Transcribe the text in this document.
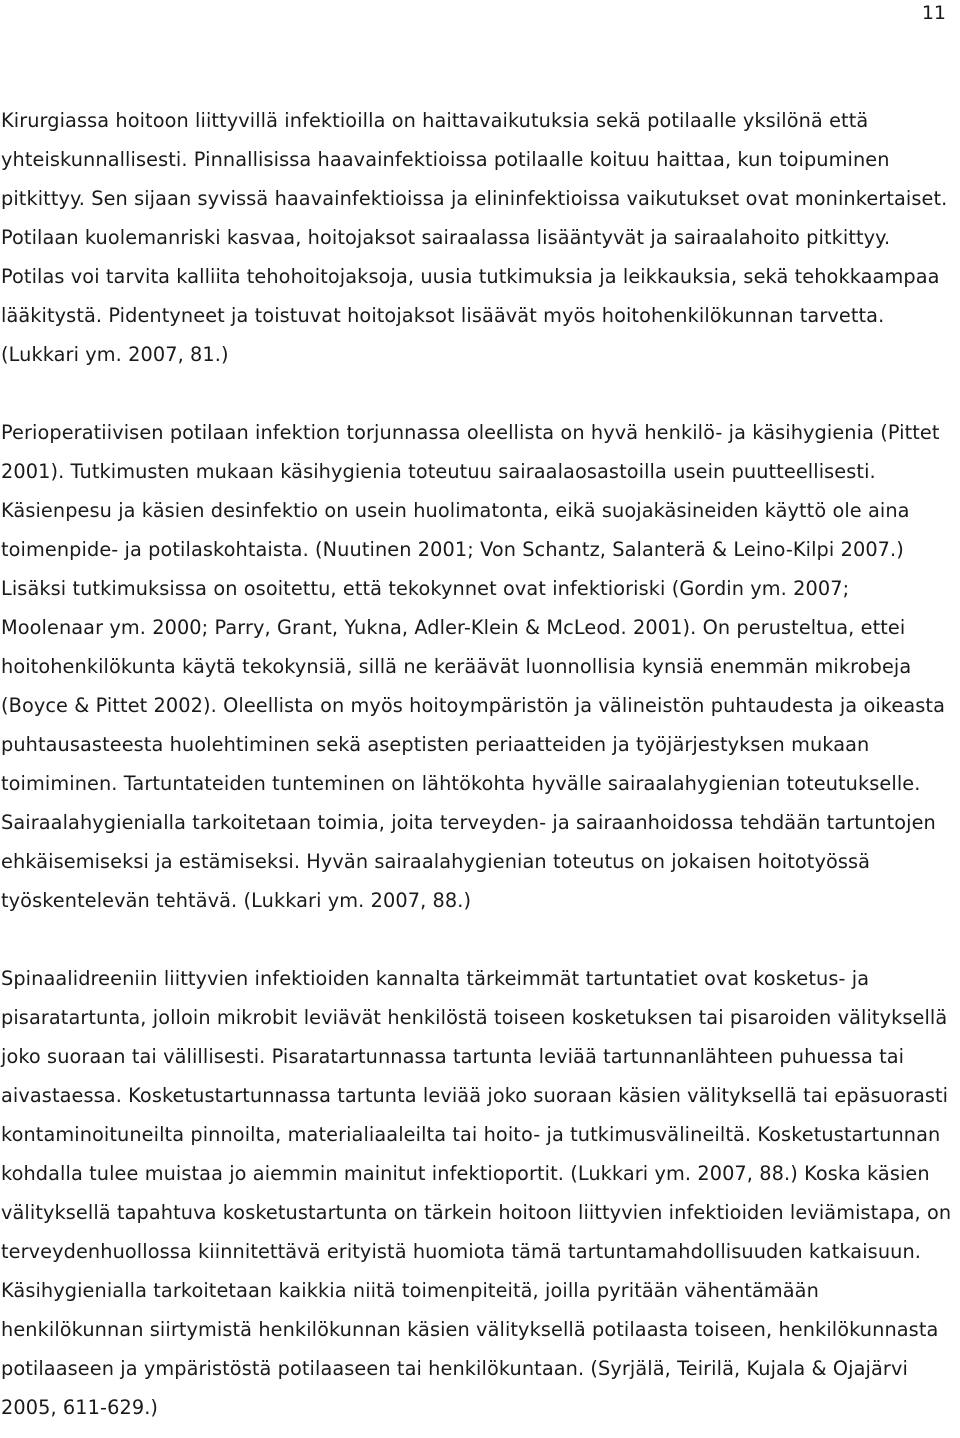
11

Kirurgiassa hoitoon liittyvillä infektioilla on haittavaikutuksia sekä potilaalle yksilönä että yhteiskunnallisesti. Pinnallisissa haavainfektioissa potilaalle koituu haittaa, kun toipuminen pitkittyy. Sen sijaan syvissä haavainfektioissa ja elininfektioissa vaikutukset ovat moninkertaiset. Potilaan kuolemanriski kasvaa, hoitojaksot sairaalassa lisääntyvät ja sairaalahoito pitkittyy. Potilas voi tarvita kalliita tehohoitojaksoja, uusia tutkimuksia ja leikkauksia, sekä tehokkaampaa lääkitystä. Pidentyneet ja toistuvat hoitojaksot lisäävät myös hoitohenkilökunnan tarvetta. (Lukkari ym. 2007, 81.)

Perioperatiivisen potilaan infektion torjunnassa oleellista on hyvä henkilö- ja käsihygienia (Pittet 2001). Tutkimusten mukaan käsihygienia toteutuu sairaalaosastoilla usein puutteellisesti. Käsienpesu ja käsien desinfektio on usein huolimatonta, eikä suojakäsineiden käyttö ole aina toimenpide- ja potilaskohtaista. (Nuutinen 2001; Von Schantz, Salanterä & Leino-Kilpi 2007.) Lisäksi tutkimuksissa on osoitettu, että tekokynnet ovat infektioriski (Gordin ym. 2007; Moolenaar ym. 2000; Parry, Grant, Yukna, Adler-Klein & McLeod. 2001). On perusteltua, ettei hoitohenkilökunta käytä tekokynsiä, sillä ne keräävät luonnollisia kynsiä enemmän mikrobeja (Boyce & Pittet 2002). Oleellista on myös hoitoympäristön ja välineistön puhtaudesta ja oikeasta puhtausasteesta huolehtiminen sekä aseptisten periaatteiden ja työjärjestyksen mukaan toimiminen. Tartuntateiden tunteminen on lähtökohta hyvälle sairaalahygienian toteutukselle. Sairaalahygienialla tarkoitetaan toimia, joita terveyden- ja sairaanhoidossa tehdään tartuntojen ehkäisemiseksi ja estämiseksi. Hyvän sairaalahygienian toteutus on jokaisen hoitotyössä työskentelevän tehtävä. (Lukkari ym. 2007, 88.)

Spinaalidreeniin liittyvien infektioiden kannalta tärkeimmät tartuntatiet ovat kosketus- ja pisaratartunta, jolloin mikrobit leviävät henkilöstä toiseen kosketuksen tai pisaroiden välityksellä joko suoraan tai välillisesti. Pisaratartunnassa tartunta leviää tartunnanlähteen puhuessa tai aivastaessa. Kosketustartunnassa tartunta leviää joko suoraan käsien välityksellä tai epäsuorasti kontaminoituneilta pinnoilta, materialiaaleilta tai hoito- ja tutkimusvälineiltä. Kosketustartunnan kohdalla tulee muistaa jo aiemmin mainitut infektioportit. (Lukkari ym. 2007, 88.) Koska käsien välityksellä tapahtuva kosketustartunta on tärkein hoitoon liittyvien infektioiden leviämistapa, on terveydenhuollossa kiinnitettävä erityistä huomiota tämä tartuntamahdollisuuden katkaisuun. Käsihygienialla tarkoitetaan kaikkia niitä toimenpiteitä, joilla pyritään vähentämään henkilökunnan siirtymistä henkilökunnan käsien välityksellä potilaasta toiseen, henkilökunnasta potilaaseen ja ympäristöstä potilaaseen tai henkilökuntaan. (Syrjälä, Teirilä, Kujala & Ojajärvi 2005, 611-629.)
